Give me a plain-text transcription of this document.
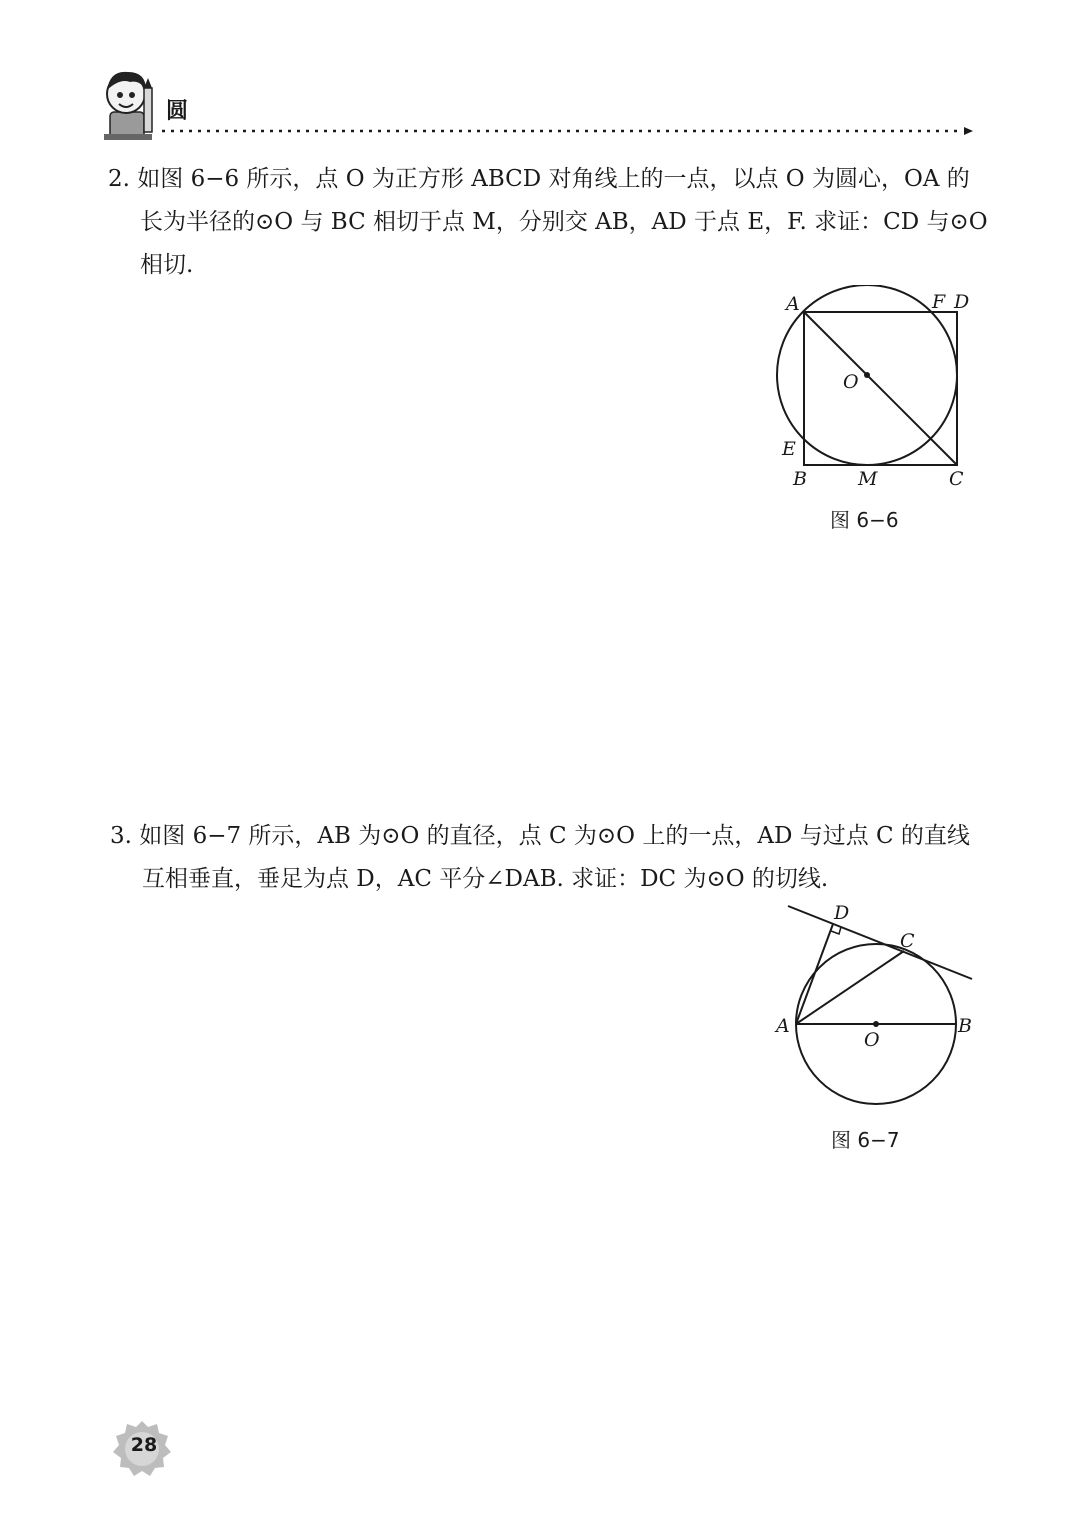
圆
2. 如图 6−6 所示，点 O 为正方形 ABCD 对角线上的一点，以点 O 为圆心，OA 的
长为半径的⊙O 与 BC 相切于点 M，分别交 AB，AD 于点 E，F. 求证：CD 与⊙O
相切.
A	F D
O
E
B	M	C
图 6−6
3. 如图 6−7 所示，AB 为⊙O 的直径，点 C 为⊙O 上的一点，AD 与过点 C 的直线
互相垂直，垂足为点 D，AC 平分∠DAB. 求证：DC 为⊙O 的切线.
D
C
A
O
B
图 6−7
28
